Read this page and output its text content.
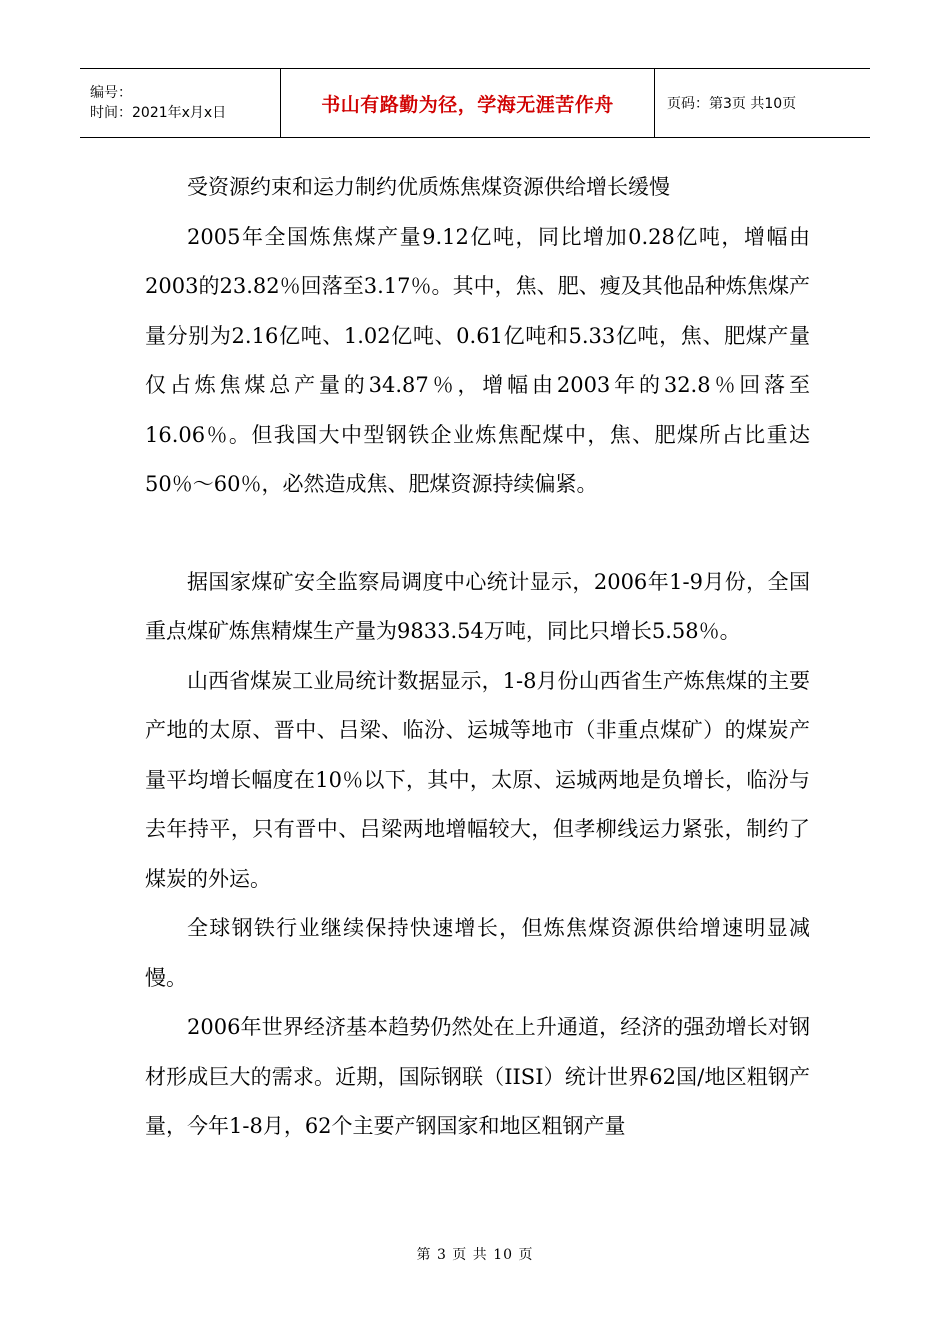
编号：
时间：2021年x月x日	书山有路勤为径，学海无涯苦作舟	页码：第3页 共10页

受资源约束和运力制约优质炼焦煤资源供给增长缓慢

2005年全国炼焦煤产量9.12亿吨，同比增加0.28亿吨，增幅由2003的23.82％回落至3.17％。其中，焦、肥、瘦及其他品种炼焦煤产量分别为2.16亿吨、1.02亿吨、0.61亿吨和5.33亿吨，焦、肥煤产量仅占炼焦煤总产量的34.87％，增幅由2003年的32.8％回落至16.06％。但我国大中型钢铁企业炼焦配煤中，焦、肥煤所占比重达50％～60％，必然造成焦、肥煤资源持续偏紧。

据国家煤矿安全监察局调度中心统计显示，2006年1-9月份，全国重点煤矿炼焦精煤生产量为9833.54万吨，同比只增长5.58％。

山西省煤炭工业局统计数据显示，1-8月份山西省生产炼焦煤的主要产地的太原、晋中、吕梁、临汾、运城等地市（非重点煤矿）的煤炭产量平均增长幅度在10％以下，其中，太原、运城两地是负增长，临汾与去年持平，只有晋中、吕梁两地增幅较大，但孝柳线运力紧张，制约了煤炭的外运。

全球钢铁行业继续保持快速增长，但炼焦煤资源供给增速明显减慢。

2006年世界经济基本趋势仍然处在上升通道，经济的强劲增长对钢材形成巨大的需求。近期，国际钢联（IISI）统计世界62国/地区粗钢产量，今年1-8月，62个主要产钢国家和地区粗钢产量

第 3 页 共 10 页
